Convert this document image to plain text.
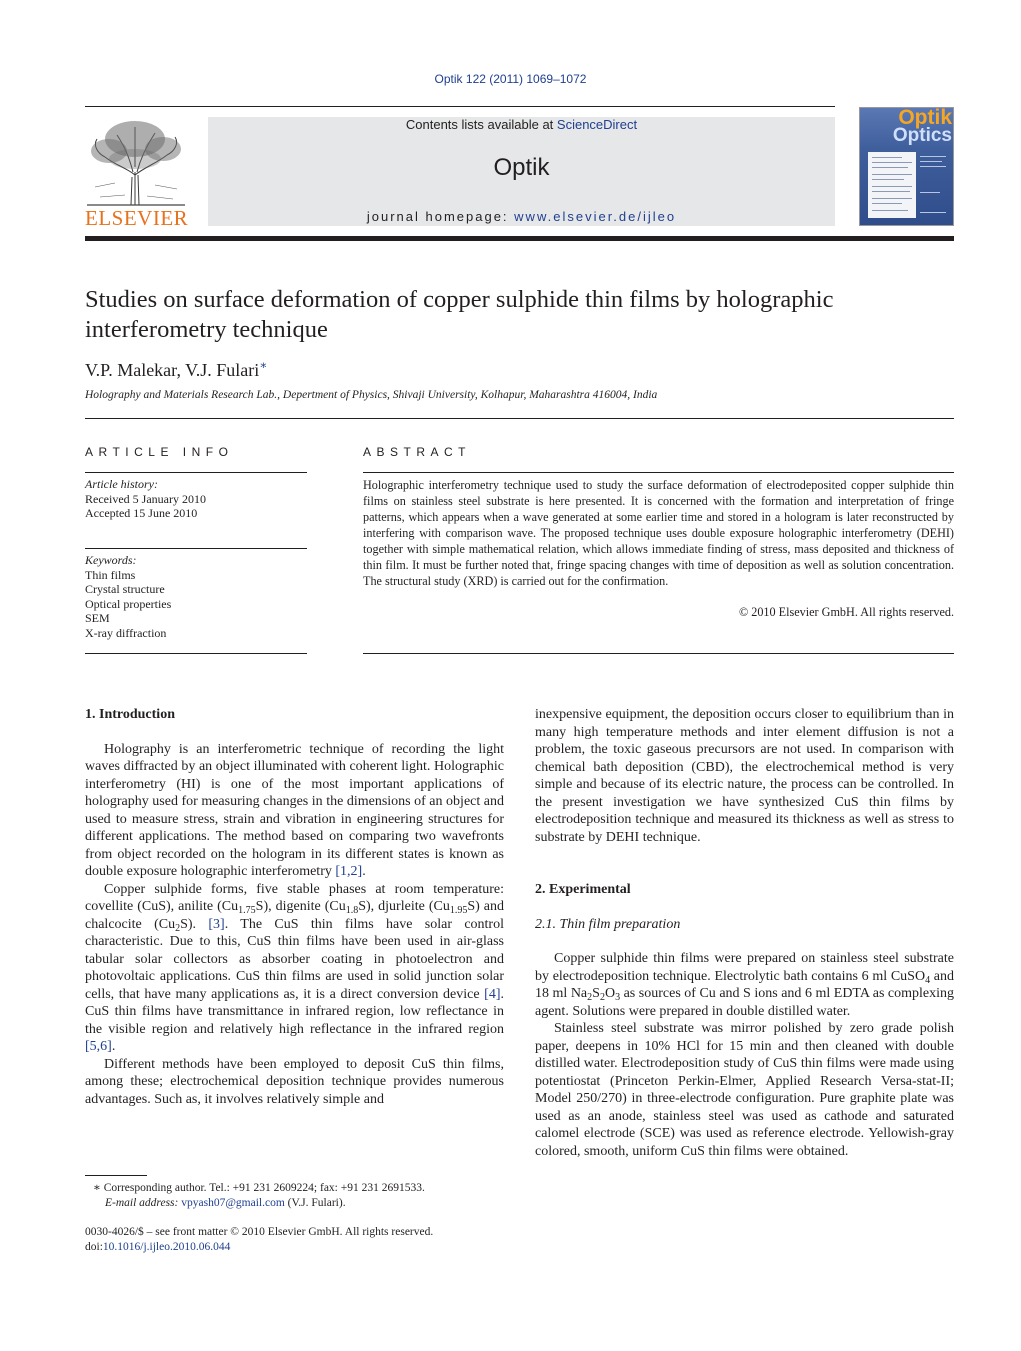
Optik 122 (2011) 1069–1072
ELSEVIER
Contents lists available at ScienceDirect
Optik
journal homepage: www.elsevier.de/ijleo
Optik
Optics
Studies on surface deformation of copper sulphide thin films by holographic interferometry technique
V.P. Malekar, V.J. Fulari∗
Holography and Materials Research Lab., Depertment of Physics, Shivaji University, Kolhapur, Maharashtra 416004, India
ARTICLE INFO	ABSTRACT
Article history:
Received 5 January 2010
Accepted 15 June 2010
Keywords:
Thin films
Crystal structure
Optical properties
SEM
X-ray diffraction
Holographic interferometry technique used to study the surface deformation of electrodeposited copper sulphide thin films on stainless steel substrate is here presented. It is concerned with the formation and interpretation of fringe patterns, which appears when a wave generated at some earlier time and stored in a hologram is later reconstructed by interfering with comparison wave. The proposed technique uses double exposure holographic interferometry (DEHI) together with simple mathematical relation, which allows immediate finding of stress, mass deposited and thickness of thin film. It must be further noted that, fringe spacing changes with time of deposition as well as solution concentration. The structural study (XRD) is carried out for the confirmation.
© 2010 Elsevier GmbH. All rights reserved.
1. Introduction

Holography is an interferometric technique of recording the light waves diffracted by an object illuminated with coherent light. Holographic interferometry (HI) is one of the most important applications of holography used for measuring changes in the dimensions of an object and used to measure stress, strain and vibration in engineering structures for different applications. The method based on comparing two wavefronts from object recorded on the hologram in its different states is known as double exposure holographic interferometry [1,2].

Copper sulphide forms, five stable phases at room temperature: covellite (CuS), anilite $(Cu_{1.75}S)$, digenite $(Cu_{1.8}S)$, djurleite $(Cu_{1.95}S)$ and chalcocite $(Cu_2S)$. [3]. The CuS thin films have solar control characteristic. Due to this, CuS thin films have been used in air-glass tabular solar collectors as absorber coating in photoelectron and photovoltaic applications. CuS thin films are used in solid junction solar cells, that have many applications as, it is a direct conversion device [4]. CuS thin films have transmittance in infrared region, low reflectance in the visible region and relatively high reflectance in the infrared region [5,6].

Different methods have been employed to deposit CuS thin films, among these; electrochemical deposition technique provides numerous advantages. Such as, it involves relatively simple and

inexpensive equipment, the deposition occurs closer to equilibrium than in many high temperature methods and inter element diffusion is not a problem, the toxic gaseous precursors are not used. In comparison with chemical bath deposition (CBD), the electrochemical method is very simple and because of its electric nature, the process can be controlled. In the present investigation we have synthesized CuS thin films by electrodeposition technique and measured its thickness as well as stress to substrate by DEHI technique.

2. Experimental
2.1. Thin film preparation

Copper sulphide thin films were prepared on stainless steel substrate by electrodeposition technique. Electrolytic bath contains 6 ml CuSO$_4$ and 18 ml $Na_2S_2O_3$ as sources of Cu and S ions and 6 ml EDTA as complexing agent. Solutions were prepared in double distilled water.

Stainless steel substrate was mirror polished by zero grade polish paper, deepens in 10% HCl for 15 min and then cleaned with double distilled water. Electrodeposition study of CuS thin films were made using potentiostat (Princeton Perkin-Elmer, Applied Research Versa-stat-II; Model 250/270) in three-electrode configuration. Pure graphite plate was used as an anode, stainless steel was used as cathode and saturated calomel electrode (SCE) was used as reference electrode. Yellowish-gray colored, smooth, uniform CuS thin films were obtained.

∗ Corresponding author. Tel.: +91 231 2609224; fax: +91 231 2691533.
E-mail address: vpyash07@gmail.com (V.J. Fulari).
0030-4026/$ – see front matter © 2010 Elsevier GmbH. All rights reserved.
doi:10.1016/j.ijleo.2010.06.044
